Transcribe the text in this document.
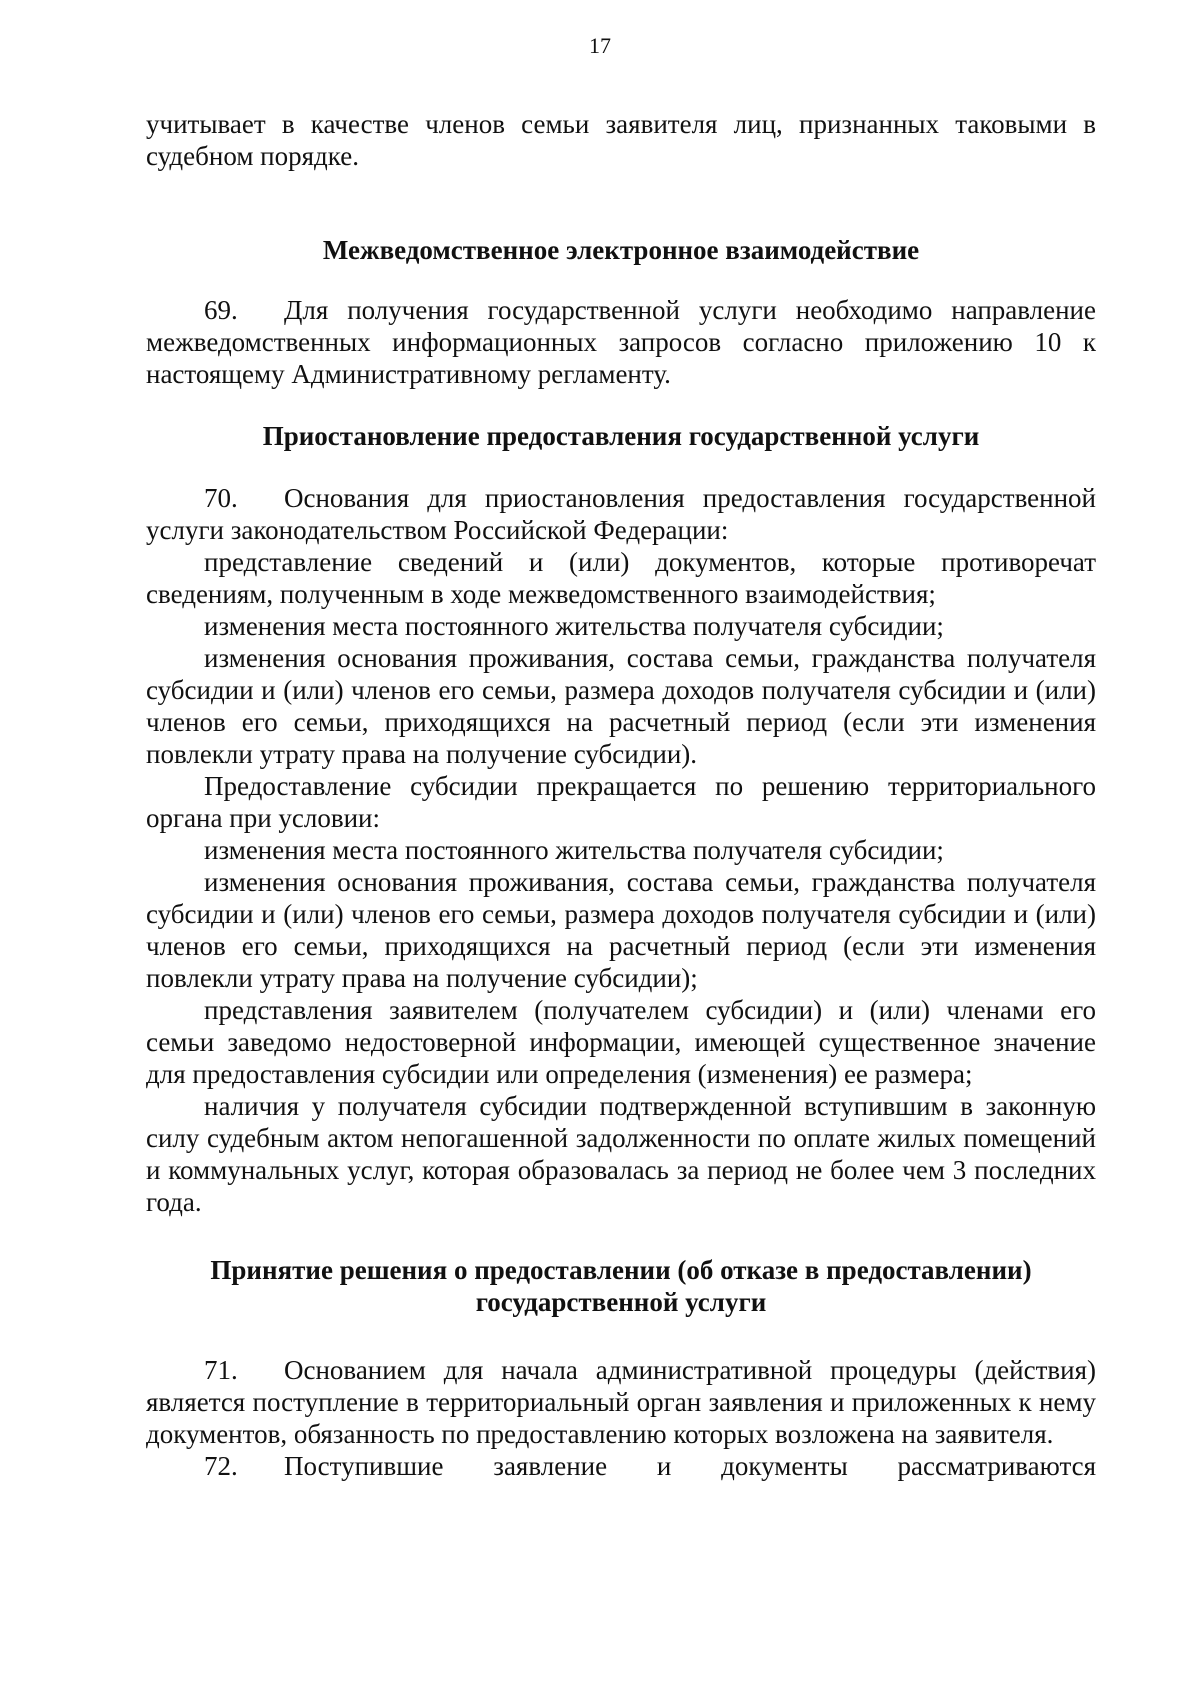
17

учитывает в качестве членов семьи заявителя лиц, признанных таковыми в судебном порядке.

Межведомственное электронное взаимодействие

69. Для получения государственной услуги необходимо направление межведомственных информационных запросов согласно приложению 10 к настоящему Административному регламенту.

Приостановление предоставления государственной услуги

70. Основания для приостановления предоставления государственной услуги законодательством Российской Федерации:

представление сведений и (или) документов, которые противоречат сведениям, полученным в ходе межведомственного взаимодействия;

изменения места постоянного жительства получателя субсидии;

изменения основания проживания, состава семьи, гражданства получателя субсидии и (или) членов его семьи, размера доходов получателя субсидии и (или) членов его семьи, приходящихся на расчетный период (если эти изменения повлекли утрату права на получение субсидии).

Предоставление субсидии прекращается по решению территориального органа при условии:

изменения места постоянного жительства получателя субсидии;

изменения основания проживания, состава семьи, гражданства получателя субсидии и (или) членов его семьи, размера доходов получателя субсидии и (или) членов его семьи, приходящихся на расчетный период (если эти изменения повлекли утрату права на получение субсидии);

представления заявителем (получателем субсидии) и (или) членами его семьи заведомо недостоверной информации, имеющей существенное значение для предоставления субсидии или определения (изменения) ее размера;

наличия у получателя субсидии подтвержденной вступившим в законную силу судебным актом непогашенной задолженности по оплате жилых помещений и коммунальных услуг, которая образовалась за период не более чем 3 последних года.

Принятие решения о предоставлении (об отказе в предоставлении)

государственной услуги

71. Основанием для начала административной процедуры (действия) является поступление в территориальный орган заявления и приложенных к нему документов, обязанность по предоставлению которых возложена на заявителя.

72. Поступившие заявление и документы рассматриваются
